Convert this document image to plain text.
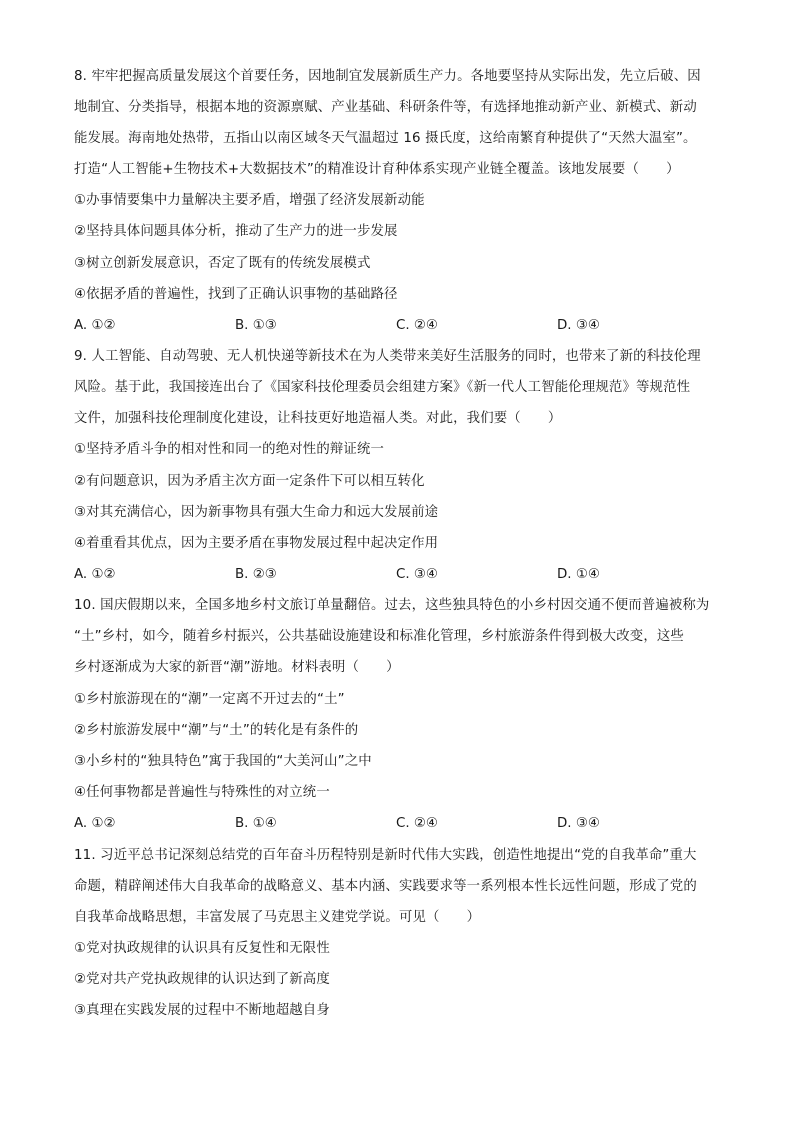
8. 牢牢把握高质量发展这个首要任务，因地制宜发展新质生产力。各地要坚持从实际出发，先立后破、因
地制宜、分类指导，根据本地的资源禀赋、产业基础、科研条件等，有选择地推动新产业、新模式、新动
能发展。海南地处热带，五指山以南区域冬天气温超过 16 摄氏度，这给南繁育种提供了“天然大温室”。
打造“人工智能+生物技术+大数据技术”的精准设计育种体系实现产业链全覆盖。该地发展要（　　）
①办事情要集中力量解决主要矛盾，增强了经济发展新动能
②坚持具体问题具体分析，推动了生产力的进一步发展
③树立创新发展意识，否定了既有的传统发展模式
④依据矛盾的普遍性，找到了正确认识事物的基础路径
A. ①②	B. ①③	C. ②④	D. ③④
9. 人工智能、自动驾驶、无人机快递等新技术在为人类带来美好生活服务的同时，也带来了新的科技伦理
风险。基于此，我国接连出台了《国家科技伦理委员会组建方案》《新一代人工智能伦理规范》等规范性
文件，加强科技伦理制度化建设，让科技更好地造福人类。对此，我们要（　　）
①坚持矛盾斗争的相对性和同一的绝对性的辩证统一
②有问题意识，因为矛盾主次方面一定条件下可以相互转化
③对其充满信心，因为新事物具有强大生命力和远大发展前途
④着重看其优点，因为主要矛盾在事物发展过程中起决定作用
A. ①②	B. ②③	C. ③④	D. ①④
10. 国庆假期以来，全国多地乡村文旅订单量翻倍。过去，这些独具特色的小乡村因交通不便而普遍被称为
“土”乡村，如今，随着乡村振兴，公共基础设施建设和标准化管理，乡村旅游条件得到极大改变，这些
乡村逐渐成为大家的新晋“潮”游地。材料表明（　　）
①乡村旅游现在的“潮”一定离不开过去的“土”
②乡村旅游发展中“潮”与“土”的转化是有条件的
③小乡村的“独具特色”寓于我国的“大美河山”之中
④任何事物都是普遍性与特殊性的对立统一
A. ①②	B. ①④	C. ②④	D. ③④
11. 习近平总书记深刻总结党的百年奋斗历程特别是新时代伟大实践，创造性地提出“党的自我革命”重大
命题，精辟阐述伟大自我革命的战略意义、基本内涵、实践要求等一系列根本性长远性问题，形成了党的
自我革命战略思想，丰富发展了马克思主义建党学说。可见（　　）
①党对执政规律的认识具有反复性和无限性
②党对共产党执政规律的认识达到了新高度
③真理在实践发展的过程中不断地超越自身
